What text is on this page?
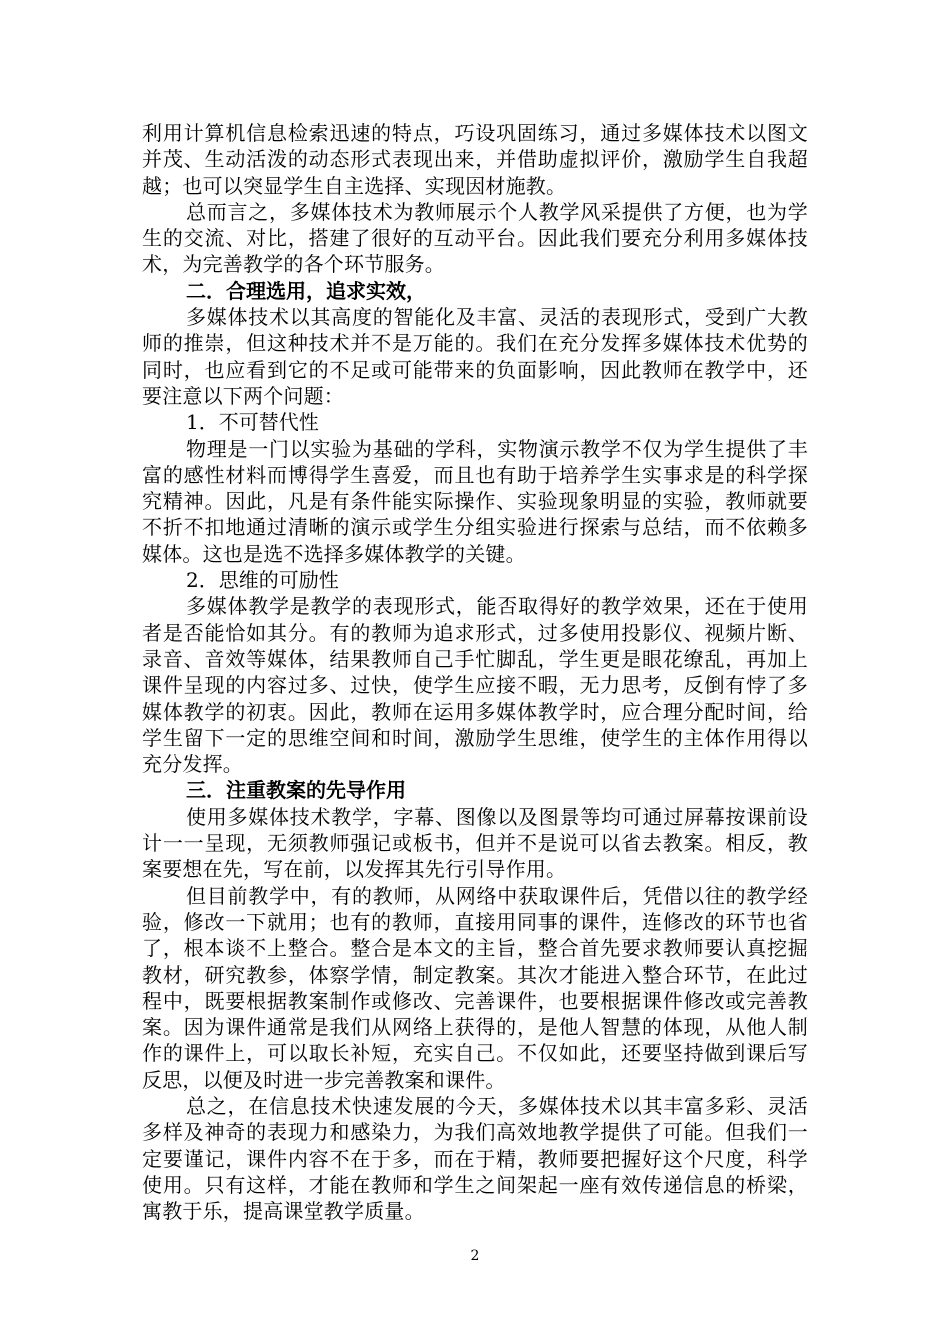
利用计算机信息检索迅速的特点，巧设巩固练习，通过多媒体技术以图文并茂、生动活泼的动态形式表现出来，并借助虚拟评价，激励学生自我超越；也可以突显学生自主选择、实现因材施教。

总而言之，多媒体技术为教师展示个人教学风采提供了方便，也为学生的交流、对比，搭建了很好的互动平台。因此我们要充分利用多媒体技术，为完善教学的各个环节服务。

二．合理选用，追求实效，

多媒体技术以其高度的智能化及丰富、灵活的表现形式，受到广大教师的推崇，但这种技术并不是万能的。我们在充分发挥多媒体技术优势的同时，也应看到它的不足或可能带来的负面影响，因此教师在教学中，还要注意以下两个问题：

1．不可替代性

物理是一门以实验为基础的学科，实物演示教学不仅为学生提供了丰富的感性材料而博得学生喜爱，而且也有助于培养学生实事求是的科学探究精神。因此，凡是有条件能实际操作、实验现象明显的实验，教师就要不折不扣地通过清晰的演示或学生分组实验进行探索与总结，而不依赖多媒体。这也是选不选择多媒体教学的关键。

2．思维的可励性

多媒体教学是教学的表现形式，能否取得好的教学效果，还在于使用者是否能恰如其分。有的教师为追求形式，过多使用投影仪、视频片断、录音、音效等媒体，结果教师自己手忙脚乱，学生更是眼花缭乱，再加上课件呈现的内容过多、过快，使学生应接不暇，无力思考，反倒有悖了多媒体教学的初衷。因此，教师在运用多媒体教学时，应合理分配时间，给学生留下一定的思维空间和时间，激励学生思维，使学生的主体作用得以充分发挥。

三．注重教案的先导作用

使用多媒体技术教学，字幕、图像以及图景等均可通过屏幕按课前设计一一呈现，无须教师强记或板书，但并不是说可以省去教案。相反，教案要想在先，写在前，以发挥其先行引导作用。

但目前教学中，有的教师，从网络中获取课件后，凭借以往的教学经验，修改一下就用；也有的教师，直接用同事的课件，连修改的环节也省了，根本谈不上整合。整合是本文的主旨，整合首先要求教师要认真挖掘教材，研究教参，体察学情，制定教案。其次才能进入整合环节，在此过程中，既要根据教案制作或修改、完善课件，也要根据课件修改或完善教案。因为课件通常是我们从网络上获得的，是他人智慧的体现，从他人制作的课件上，可以取长补短，充实自己。不仅如此，还要坚持做到课后写反思，以便及时进一步完善教案和课件。

总之，在信息技术快速发展的今天，多媒体技术以其丰富多彩、灵活多样及神奇的表现力和感染力，为我们高效地教学提供了可能。但我们一定要谨记，课件内容不在于多，而在于精，教师要把握好这个尺度，科学使用。只有这样，才能在教师和学生之间架起一座有效传递信息的桥梁，寓教于乐，提高课堂教学质量。

2
